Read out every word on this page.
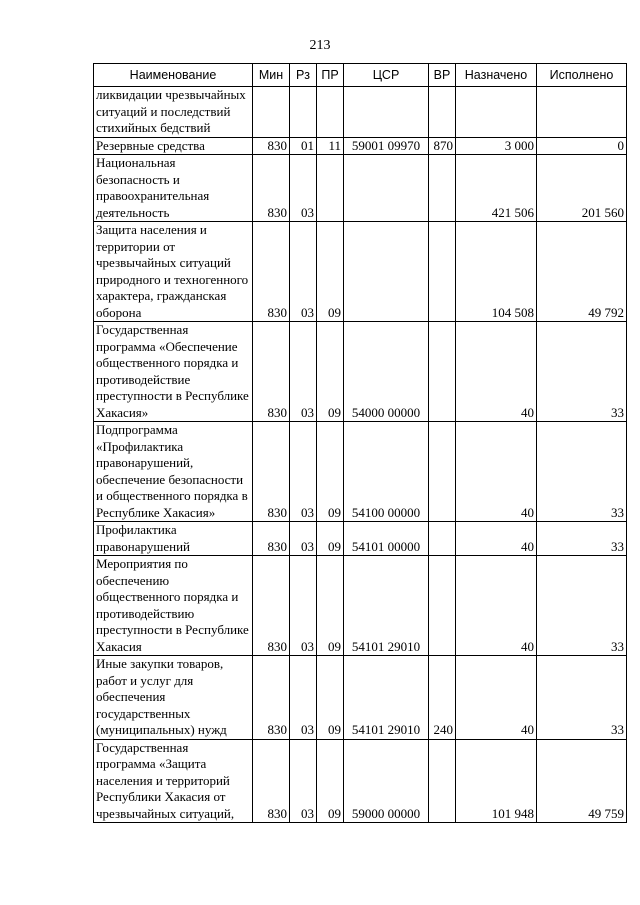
213
Наименование	Мин	Рз	ПР	ЦСР	ВР	Назначено	Исполнено
ликвидации чрезвычайных ситуаций и последствий стихийных бедствий							
Резервные средства	830	01	11	59001 09970	870	3 000	0
Национальная безопасность и правоохранительная деятельность	830	03				421 506	201 560
Защита населения и территории от чрезвычайных ситуаций природного и техногенного характера, гражданская оборона	830	03	09			104 508	49 792
Государственная программа «Обеспечение общественного порядка и противодействие преступности в Республике Хакасия»	830	03	09	54000 00000		40	33
Подпрограмма «Профилактика правонарушений, обеспечение безопасности и общественного порядка в Республике Хакасия»	830	03	09	54100 00000		40	33
Профилактика правонарушений	830	03	09	54101 00000		40	33
Мероприятия по обеспечению общественного порядка и противодействию преступности в Республике Хакасия	830	03	09	54101 29010		40	33
Иные закупки товаров, работ и услуг для обеспечения государственных (муниципальных) нужд	830	03	09	54101 29010	240	40	33
Государственная программа «Защита населения и территорий Республики Хакасия от чрезвычайных ситуаций,	830	03	09	59000 00000		101 948	49 759
